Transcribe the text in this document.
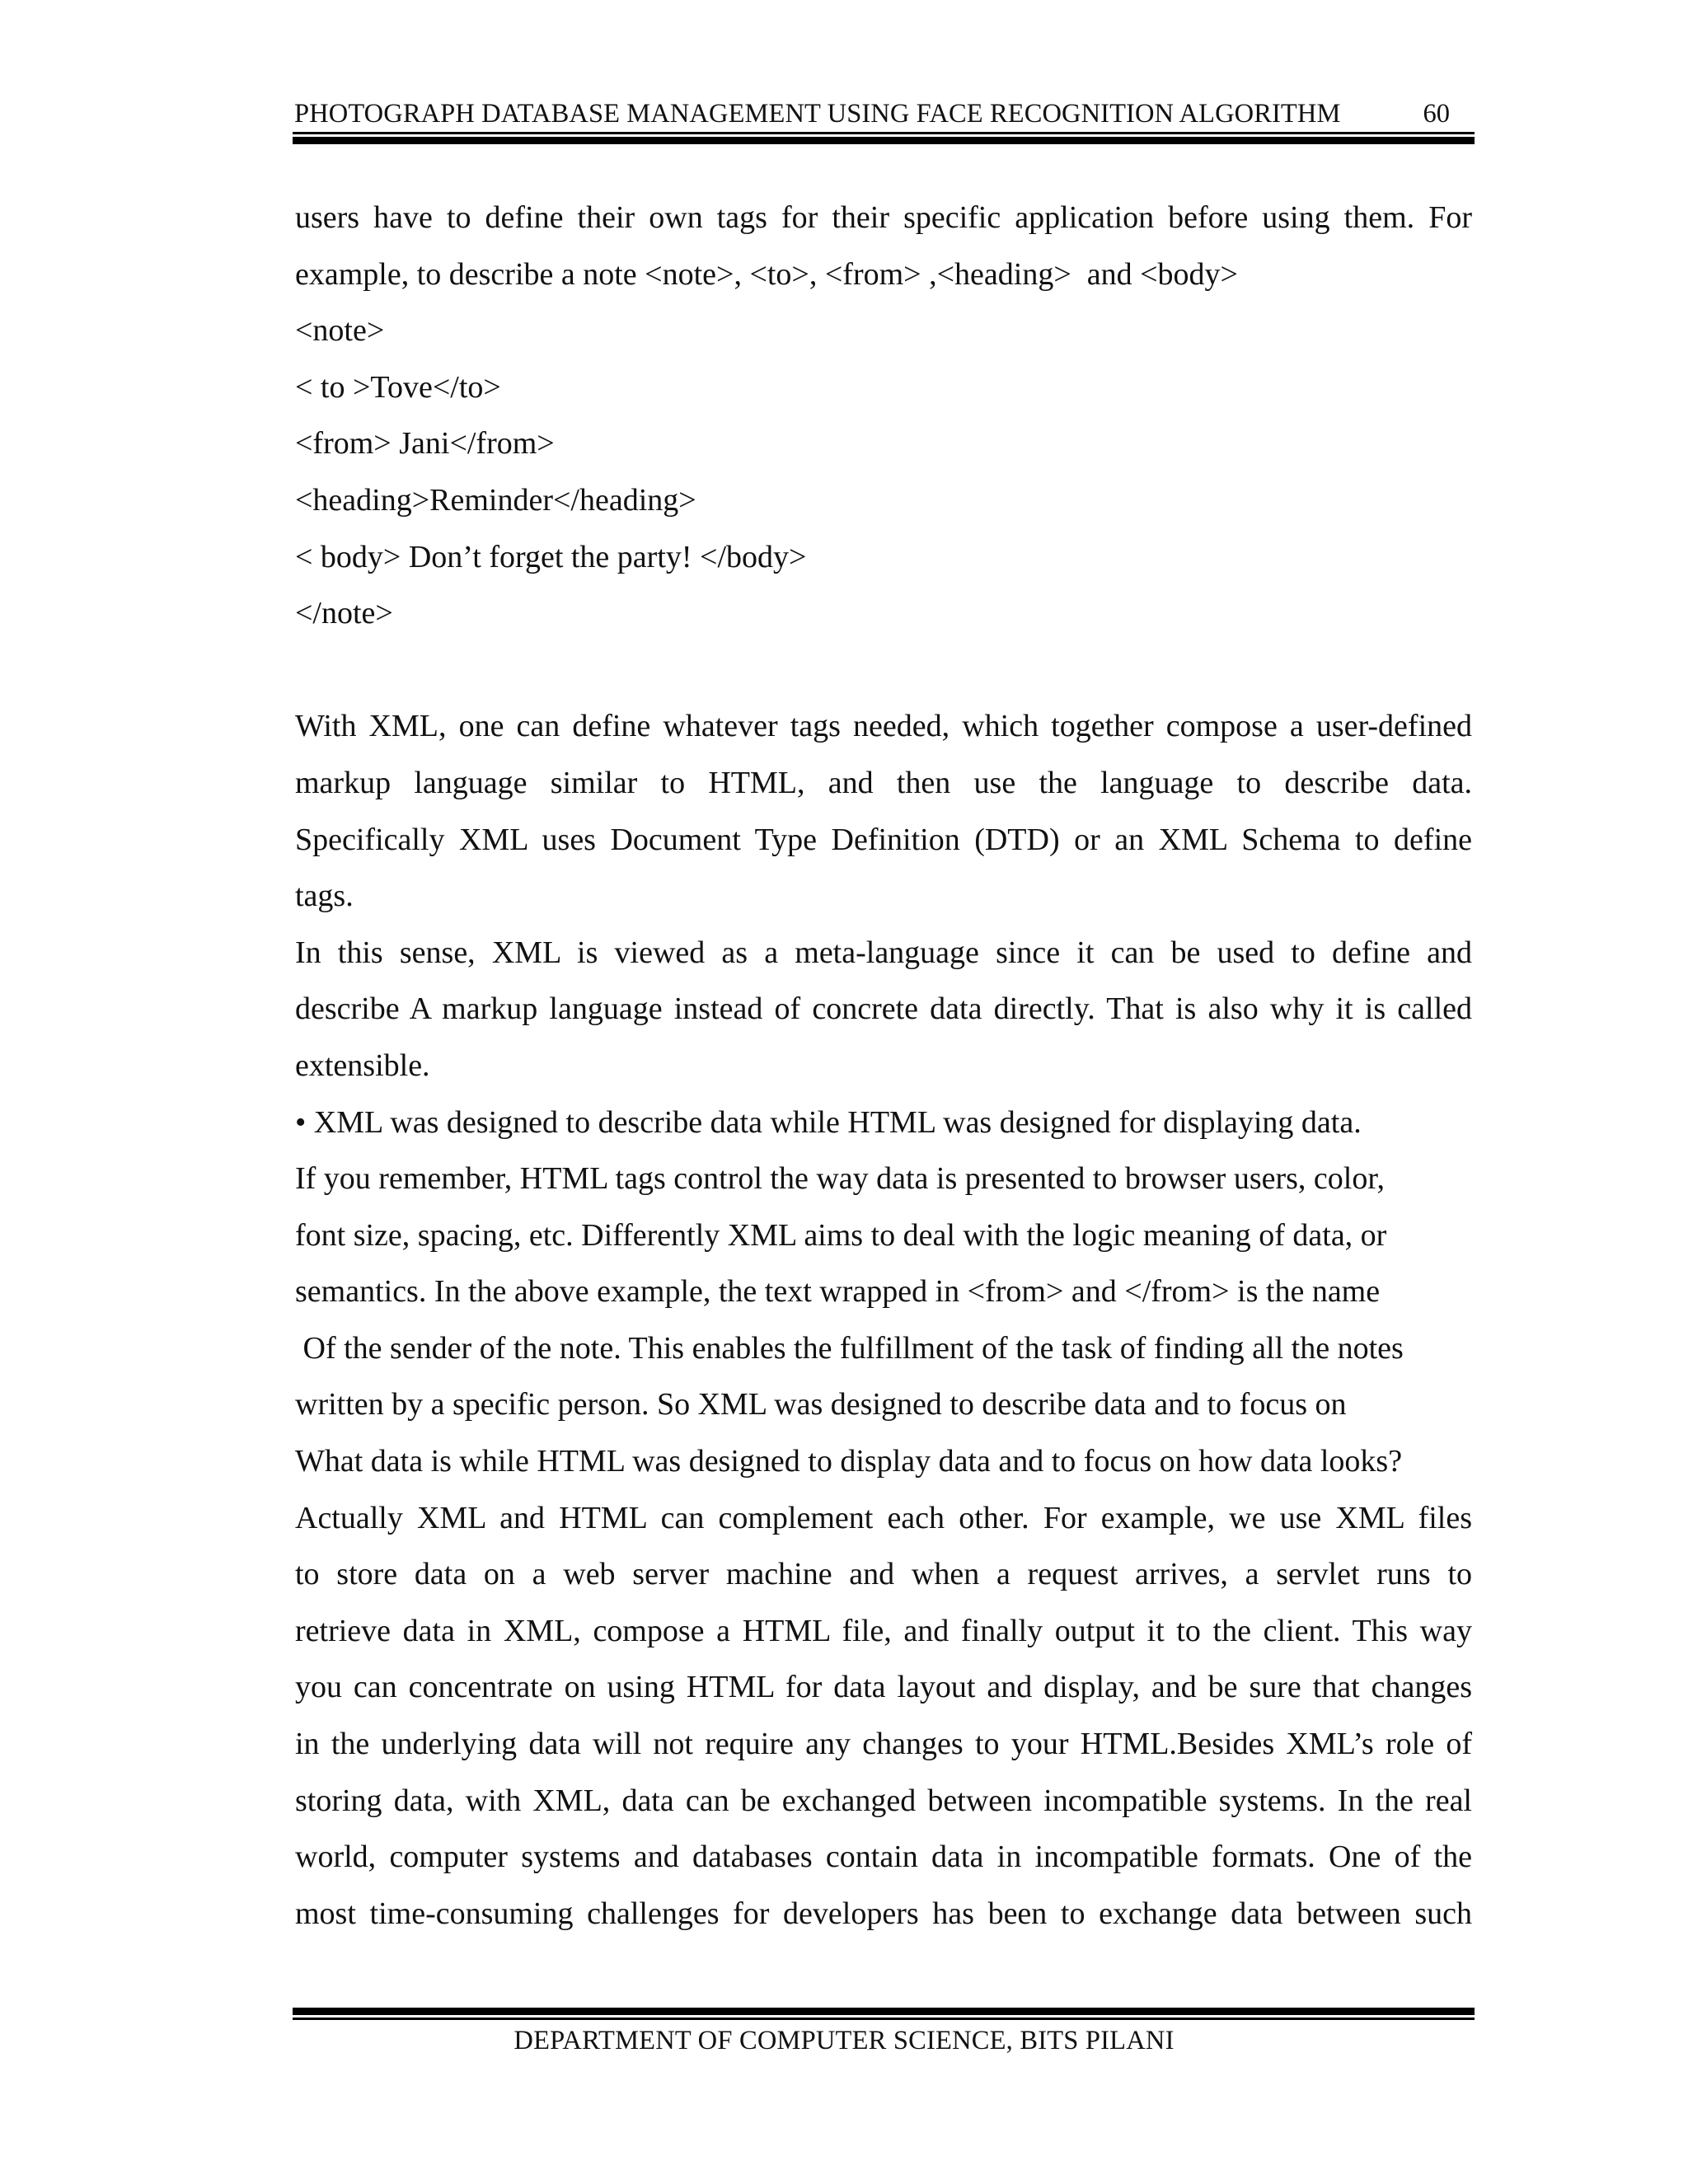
PHOTOGRAPH DATABASE MANAGEMENT USING FACE RECOGNITION ALGORITHM	60
users have to define their own tags for their specific application before using them. For
example, to describe a note <note>, <to>, <from> ,<heading>  and <body>
<note>
< to >Tove</to>
<from> Jani</from>
<heading>Reminder</heading>
< body> Don’t forget the party! </body>
</note>
With XML, one can define whatever tags needed, which together compose a user-defined
markup language similar to HTML, and then use the language to describe data.
Specifically XML uses Document Type Definition (DTD) or an XML Schema to define
tags.
In this sense, XML is viewed as a meta-language since it can be used to define and
describe A markup language instead of concrete data directly. That is also why it is called
extensible.
• XML was designed to describe data while HTML was designed for displaying data.
If you remember, HTML tags control the way data is presented to browser users, color,
font size, spacing, etc. Differently XML aims to deal with the logic meaning of data, or
semantics. In the above example, the text wrapped in <from> and </from> is the name
Of the sender of the note. This enables the fulfillment of the task of finding all the notes
written by a specific person. So XML was designed to describe data and to focus on
What data is while HTML was designed to display data and to focus on how data looks?
Actually XML and HTML can complement each other. For example, we use XML files
to store data on a web server machine and when a request arrives, a servlet runs to
retrieve data in XML, compose a HTML file, and finally output it to the client. This way
you can concentrate on using HTML for data layout and display, and be sure that changes
in the underlying data will not require any changes to your HTML.Besides XML’s role of
storing data, with XML, data can be exchanged between incompatible systems. In the real
world, computer systems and databases contain data in incompatible formats. One of the
most time-consuming challenges for developers has been to exchange data between such
DEPARTMENT OF COMPUTER SCIENCE, BITS PILANI
